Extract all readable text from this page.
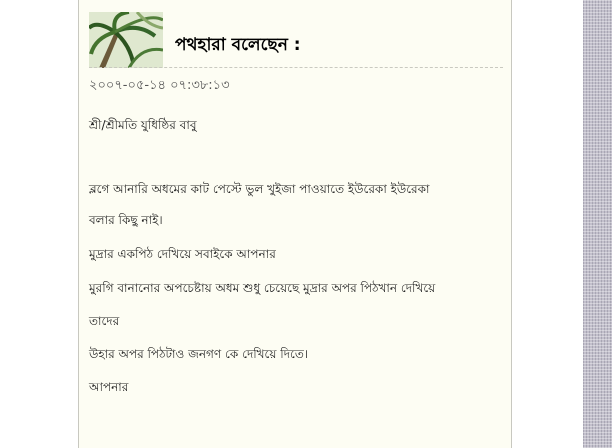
পথহারা বলেছেন :
২০০৭-০৫-১৪ ০৭:৩৮:১৩
শ্রী/শ্রীমতি যুধিষ্ঠির বাবু
ব্লগে আনারি অধমের কাট পেস্টে ভুল খুইজা পাওয়াতে ইউরেকা ইউরেকা
বলার কিছু নাই।
মুদ্রার একপিঠ দেখিয়ে সবাইকে আপনার
মুরগি বানানোর অপচেষ্টায় অধম শুধু চেয়েছে মুদ্রার অপর পিঠখান দেখিয়ে
তাদের
উহার অপর পিঠটাও জনগণ কে দেখিয়ে দিতে।
আপনার
